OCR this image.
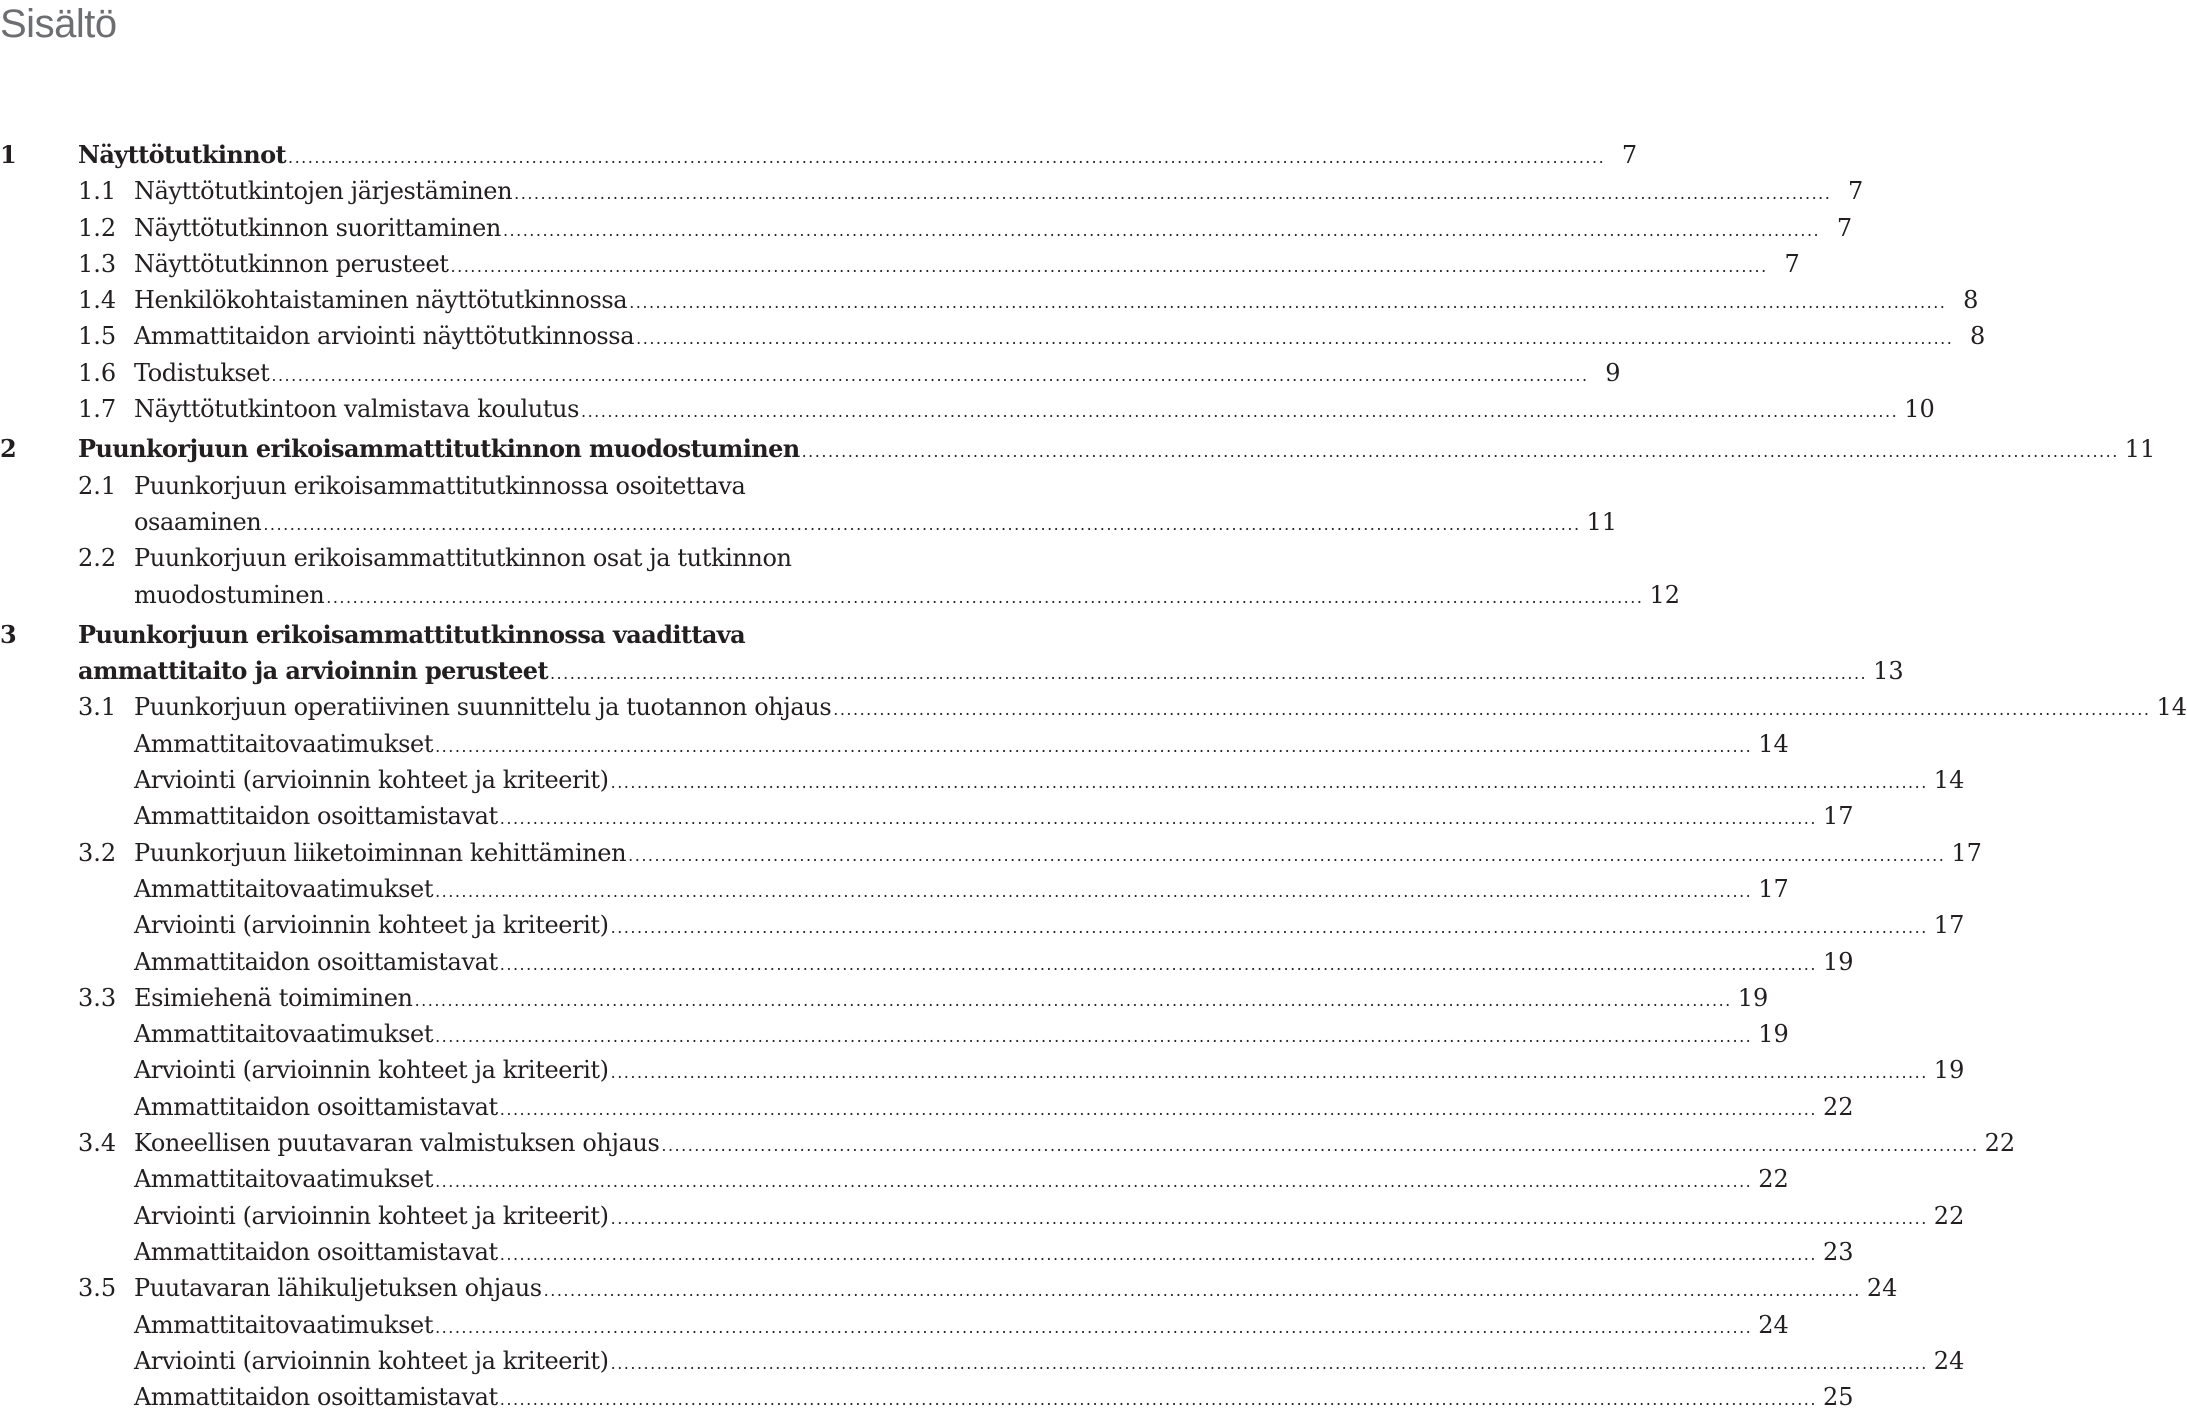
Sisältö
1	Näyttötutkinnot ........................................................................................................................................................................................................ 7
1.1 Näyttötutkintojen järjestäminen ........................................................................................................................................................................................................ 7
1.2 Näyttötutkinnon suorittaminen ........................................................................................................................................................................................................ 7
1.3 Näyttötutkinnon perusteet ........................................................................................................................................................................................................ 7
1.4 Henkilökohtaistaminen näyttötutkinnossa ........................................................................................................................................................................................................ 8
1.5 Ammattitaidon arviointi näyttötutkinnossa ........................................................................................................................................................................................................ 8
1.6 Todistukset ........................................................................................................................................................................................................ 9
1.7 Näyttötutkintoon valmistava koulutus ........................................................................................................................................................................................................ 10
2	Puunkorjuun erikoisammattitutkinnon muodostuminen ........................................................................................................................................................................................................ 11
2.1 Puunkorjuun erikoisammattitutkinnossa osoitettava
osaaminen ........................................................................................................................................................................................................ 11
2.2 Puunkorjuun erikoisammattitutkinnon osat ja tutkinnon
muodostuminen ........................................................................................................................................................................................................ 12
3	Puunkorjuun erikoisammattitutkinnossa vaadittava
ammattitaito ja arvioinnin perusteet ........................................................................................................................................................................................................ 13
3.1 Puunkorjuun operatiivinen suunnittelu ja tuotannon ohjaus ........................................................................................................................................................................................................ 14
Ammattitaitovaatimukset ........................................................................................................................................................................................................ 14
Arviointi (arvioinnin kohteet ja kriteerit) ........................................................................................................................................................................................................ 14
Ammattitaidon osoittamistavat ........................................................................................................................................................................................................ 17
3.2 Puunkorjuun liiketoiminnan kehittäminen ........................................................................................................................................................................................................ 17
Ammattitaitovaatimukset ........................................................................................................................................................................................................ 17
Arviointi (arvioinnin kohteet ja kriteerit) ........................................................................................................................................................................................................ 17
Ammattitaidon osoittamistavat ........................................................................................................................................................................................................ 19
3.3 Esimiehenä toimiminen ........................................................................................................................................................................................................ 19
Ammattitaitovaatimukset ........................................................................................................................................................................................................ 19
Arviointi (arvioinnin kohteet ja kriteerit) ........................................................................................................................................................................................................ 19
Ammattitaidon osoittamistavat ........................................................................................................................................................................................................ 22
3.4 Koneellisen puutavaran valmistuksen ohjaus ........................................................................................................................................................................................................ 22
Ammattitaitovaatimukset ........................................................................................................................................................................................................ 22
Arviointi (arvioinnin kohteet ja kriteerit) ........................................................................................................................................................................................................ 22
Ammattitaidon osoittamistavat ........................................................................................................................................................................................................ 23
3.5 Puutavaran lähikuljetuksen ohjaus ........................................................................................................................................................................................................ 24
Ammattitaitovaatimukset ........................................................................................................................................................................................................ 24
Arviointi (arvioinnin kohteet ja kriteerit) ........................................................................................................................................................................................................ 24
Ammattitaidon osoittamistavat ........................................................................................................................................................................................................ 25
